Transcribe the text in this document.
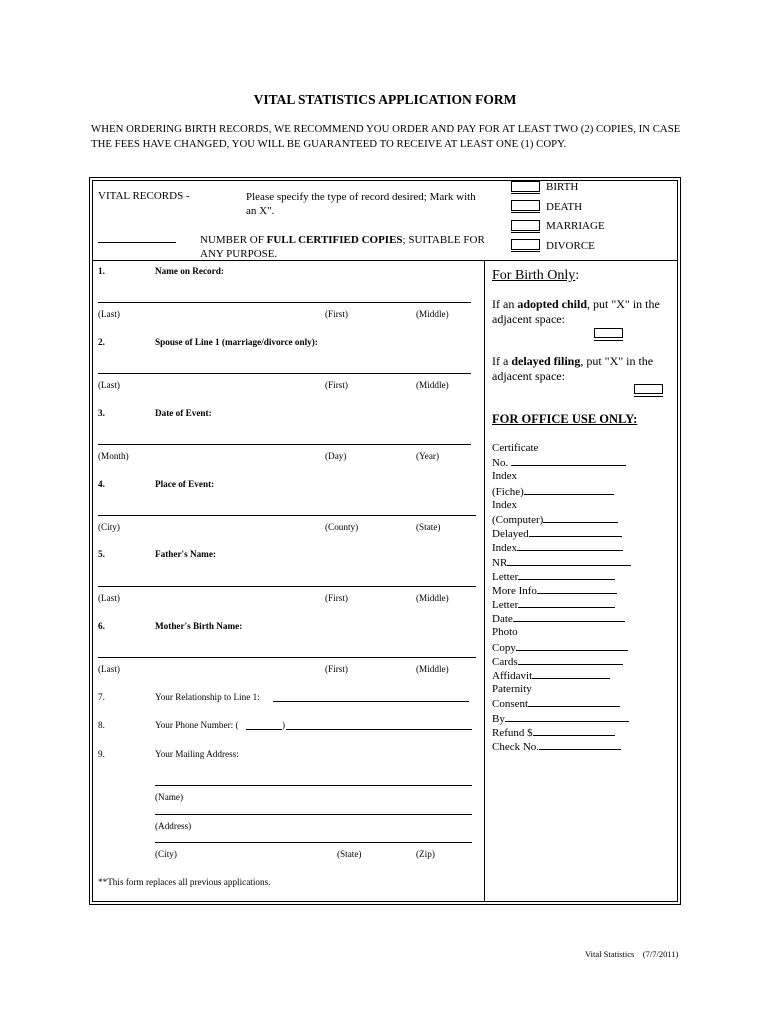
VITAL STATISTICS APPLICATION FORM
WHEN ORDERING BIRTH RECORDS, WE RECOMMEND YOU ORDER AND PAY FOR AT LEAST TWO (2) COPIES, IN CASE THE FEES HAVE CHANGED, YOU WILL BE GUARANTEED TO RECEIVE AT LEAST ONE (1) COPY.
VITAL RECORDS -	Please specify the type of record desired; Mark with an X".
NUMBER OF FULL CERTIFIED COPIES; SUITABLE FOR ANY PURPOSE.
BIRTH
DEATH
MARRIAGE
DIVORCE
1.	Name on Record:
(Last)	(First)	(Middle)
2.	Spouse of Line 1 (marriage/divorce only):
(Last)	(First)	(Middle)
3.	Date of Event:
(Month)	(Day)	(Year)
4.	Place of Event:
(City)	(County)	(State)
5.	Father's Name:
(Last)	(First)	(Middle)
6.	Mother's Birth Name:
(Last)	(First)	(Middle)
7.	Your Relationship to Line 1:
8.	Your Phone Number: (	)
9.	Your Mailing Address:
(Name)
(Address)
(City)	(State)	(Zip)
**This form replaces all previous applications.
For Birth Only:
If an adopted child, put "X" in the adjacent space:
If a delayed filing, put "X" in the adjacent space:
FOR OFFICE USE ONLY:
Certificate
No.
Index
(Fiche)
Index
(Computer)
Delayed
Index
NR
Letter
More Info
Letter
Date
Photo
Copy
Cards
Affidavit
Paternity
Consent
By
Refund $
Check No.
Vital Statistics    (7/7/2011)
